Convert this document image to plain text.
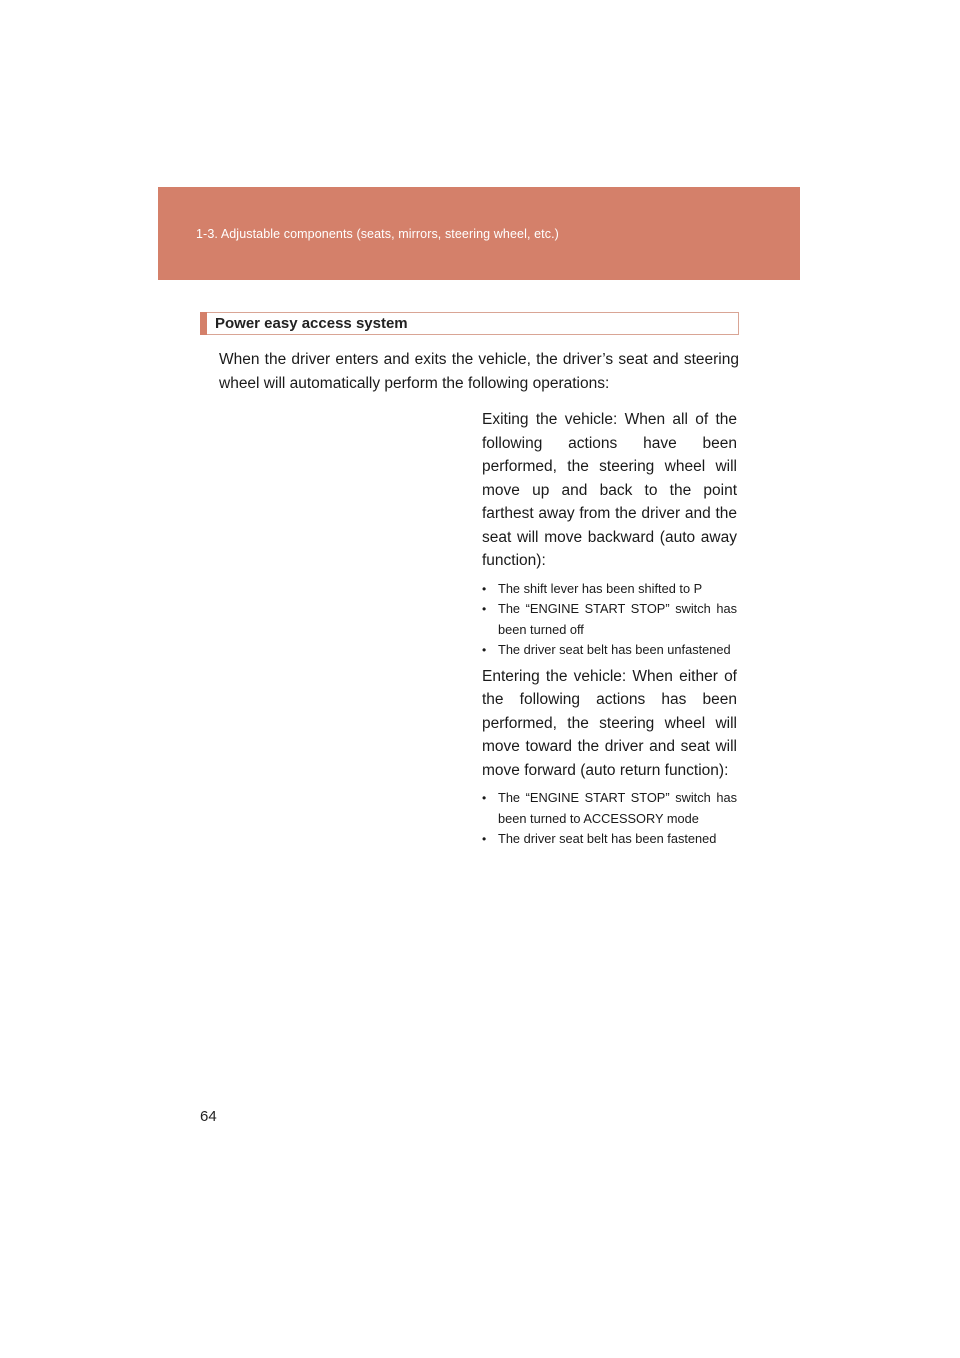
1-3. Adjustable components (seats, mirrors, steering wheel, etc.)
Power easy access system

When the driver enters and exits the vehicle, the driver’s seat and steering wheel will automatically perform the following operations:

Exiting the vehicle: When all of the following actions have been performed, the steering wheel will move up and back to the point farthest away from the driver and the seat will move backward (auto away function):

• The shift lever has been shifted to P
• The “ENGINE START STOP” switch has been turned off
• The driver seat belt has been unfastened

Entering the vehicle: When either of the following actions has been performed, the steering wheel will move toward the driver and seat will move forward (auto return function):

• The “ENGINE START STOP” switch has been turned to ACCESSORY mode
• The driver seat belt has been fastened
64
